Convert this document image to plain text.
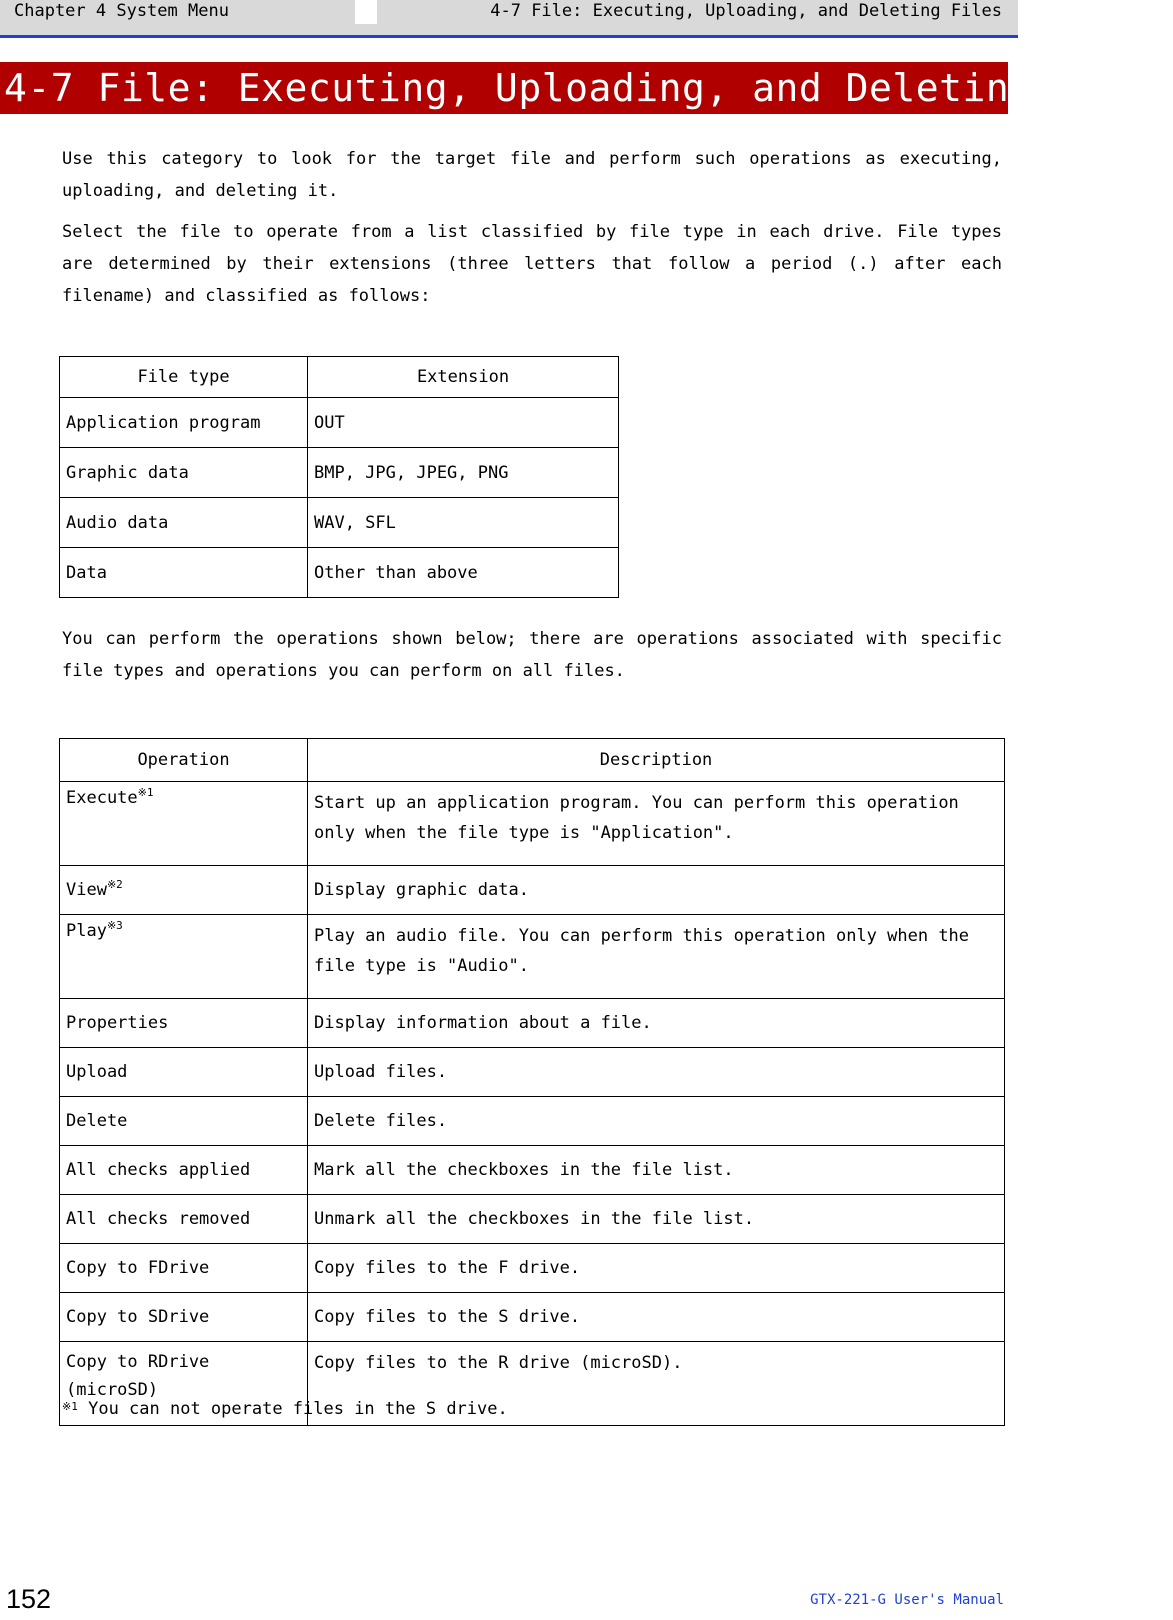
Chapter 4 System Menu	4-7 File: Executing, Uploading, and Deleting Files
4-7 File: Executing, Uploading, and Deleting Files
Use this category to look for the target file and perform such operations as executing, uploading, and deleting it.
Select the file to operate from a list classified by file type in each drive. File types are determined by their extensions (three letters that follow a period (.) after each filename) and classified as follows:
File type	Extension
Application program	OUT
Graphic data	BMP, JPG, JPEG, PNG
Audio data	WAV, SFL
Data	Other than above
You can perform the operations shown below; there are operations associated with specific file types and operations you can perform on all files.
Operation	Description
Execute$^{※1}$	Start up an application program. You can perform this operation only when the file type is "Application".
View$^{※2}$	Display graphic data.
Play$^{※3}$	Play an audio file. You can perform this operation only when the file type is "Audio".
Properties	Display information about a file.
Upload	Upload files.
Delete	Delete files.
All checks applied	Mark all the checkboxes in the file list.
All checks removed	Unmark all the checkboxes in the file list.
Copy to FDrive	Copy files to the F drive.
Copy to SDrive	Copy files to the S drive.
Copy to RDrive (microSD)	Copy files to the R drive (microSD).
$^{※1}$ You can not operate files in the S drive.
152	GTX-221-G User's Manual
